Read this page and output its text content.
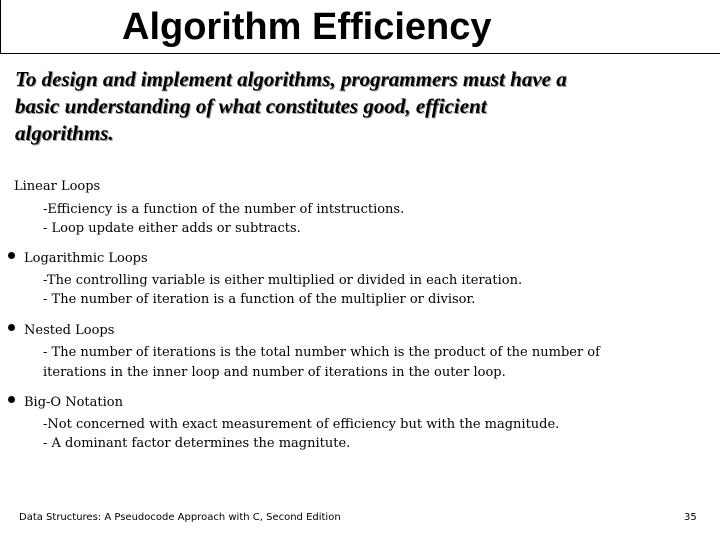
Algorithm Efficiency
To design and implement algorithms, programmers must have a basic understanding of what constitutes good, efficient algorithms.
Linear Loops
-Efficiency is a function of the number of intstructions.
- Loop update either adds or subtracts.
Logarithmic Loops
-The controlling variable is either multiplied or divided in each iteration.
- The number of iteration is a function of the multiplier or divisor.
Nested Loops
- The number of iterations is the total number which is the product of the number of
iterations in the inner loop and number of iterations in the outer loop.
Big-O Notation
-Not concerned with exact measurement of efficiency but with the magnitude.
- A dominant factor determines the magnitute.
Data Structures: A Pseudocode Approach with C, Second Edition	35
